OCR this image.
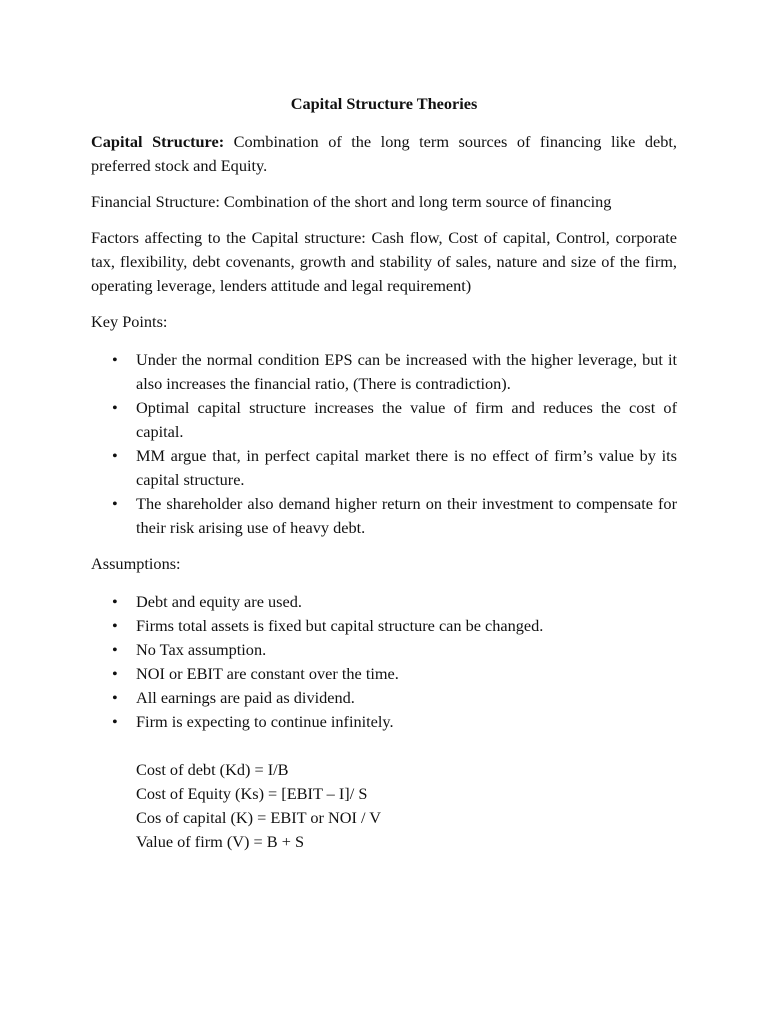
Capital Structure Theories

Capital Structure: Combination of the long term sources of financing like debt, preferred stock and Equity.

Financial Structure: Combination of the short and long term source of financing

Factors affecting to the Capital structure: Cash flow, Cost of capital, Control, corporate tax, flexibility, debt covenants, growth and stability of sales, nature and size of the firm, operating leverage, lenders attitude and legal requirement)

Key Points:

• Under the normal condition EPS can be increased with the higher leverage, but it also increases the financial ratio, (There is contradiction).
• Optimal capital structure increases the value of firm and reduces the cost of capital.
• MM argue that, in perfect capital market there is no effect of firm’s value by its capital structure.
• The shareholder also demand higher return on their investment to compensate for their risk arising use of heavy debt.

Assumptions:

• Debt and equity are used.
• Firms total assets is fixed but capital structure can be changed.
• No Tax assumption.
• NOI or EBIT are constant over the time.
• All earnings are paid as dividend.
• Firm is expecting to continue infinitely.
Cost of debt (Kd) = I/B
Cost of Equity (Ks) = [EBIT – I]/ S
Cos of capital (K) = EBIT or NOI / V
Value of firm (V) = B + S
